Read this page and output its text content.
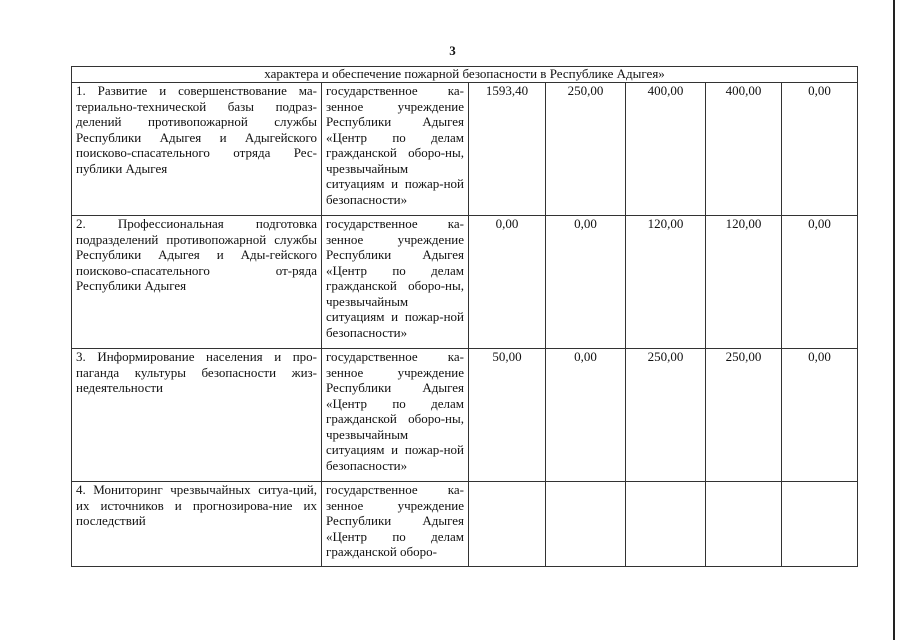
3
характера и обеспечение пожарной безопасности в Республике Адыгея»						
1. Развитие и совершенствование ма-териально-технической базы подраз-делений противопожарной службы Республики Адыгея и Адыгейского поисково-спасательного отряда Рес-публики Адыгея	государственное ка-зенное учреждение Республики Адыгея «Центр по делам гражданской оборо-ны, чрезвычайным ситуациям и пожар-ной безопасности»	1593,40	250,00	400,00	400,00	0,00
2. Профессиональная подготовка подразделений противопожарной службы Республики Адыгея и Ады-гейского поисково-спасательного от-ряда Республики Адыгея	государственное ка-зенное учреждение Республики Адыгея «Центр по делам гражданской оборо-ны, чрезвычайным ситуациям и пожар-ной безопасности»	0,00	0,00	120,00	120,00	0,00
3. Информирование населения и про-паганда культуры безопасности жиз-недеятельности	государственное ка-зенное учреждение Республики Адыгея «Центр по делам гражданской оборо-ны, чрезвычайным ситуациям и пожар-ной безопасности»	50,00	0,00	250,00	250,00	0,00
4. Мониторинг чрезвычайных ситуа-ций, их источников и прогнозирова-ние их последствий	государственное ка-зенное учреждение Республики Адыгея «Центр по делам гражданской оборо-					
